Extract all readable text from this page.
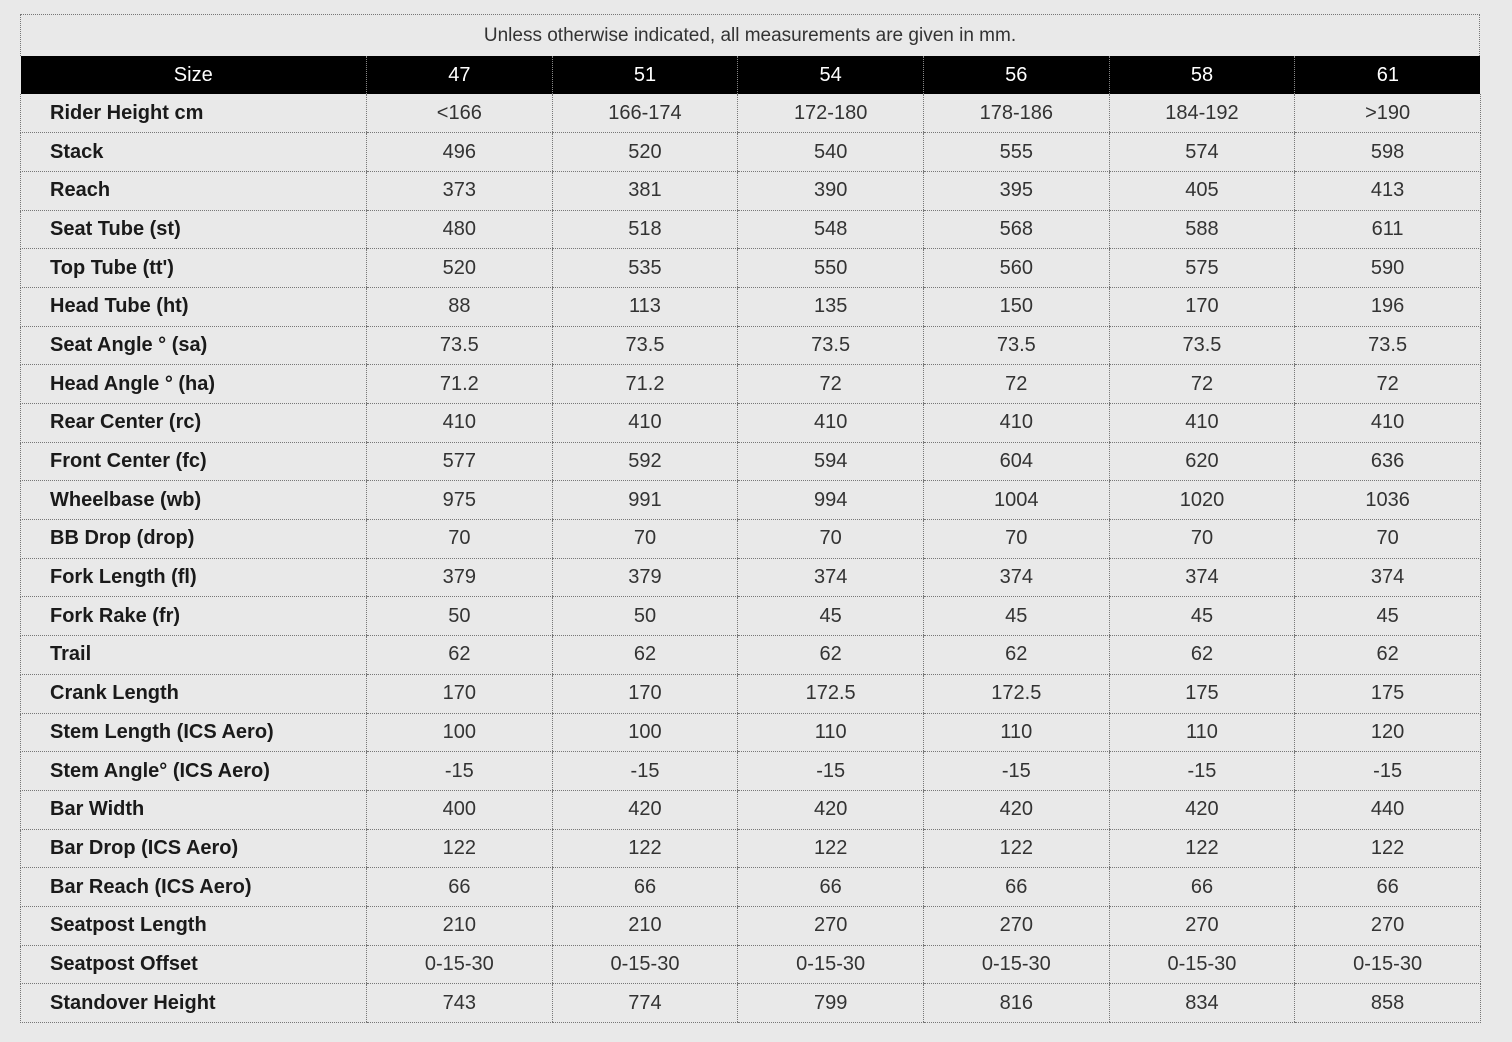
Unless otherwise indicated, all measurements are given in mm.
Size	47	51	54	56	58	61
Rider Height cm	<166	166-174	172-180	178-186	184-192	>190
Stack	496	520	540	555	574	598
Reach	373	381	390	395	405	413
Seat Tube (st)	480	518	548	568	588	611
Top Tube (tt')	520	535	550	560	575	590
Head Tube (ht)	88	113	135	150	170	196
Seat Angle ° (sa)	73.5	73.5	73.5	73.5	73.5	73.5
Head Angle ° (ha)	71.2	71.2	72	72	72	72
Rear Center (rc)	410	410	410	410	410	410
Front Center (fc)	577	592	594	604	620	636
Wheelbase (wb)	975	991	994	1004	1020	1036
BB Drop (drop)	70	70	70	70	70	70
Fork Length (fl)	379	379	374	374	374	374
Fork Rake (fr)	50	50	45	45	45	45
Trail	62	62	62	62	62	62
Crank Length	170	170	172.5	172.5	175	175
Stem Length (ICS Aero)	100	100	110	110	110	120
Stem Angle° (ICS Aero)	-15	-15	-15	-15	-15	-15
Bar Width	400	420	420	420	420	440
Bar Drop (ICS Aero)	122	122	122	122	122	122
Bar Reach (ICS Aero)	66	66	66	66	66	66
Seatpost Length	210	210	270	270	270	270
Seatpost Offset	0-15-30	0-15-30	0-15-30	0-15-30	0-15-30	0-15-30
Standover Height	743	774	799	816	834	858
